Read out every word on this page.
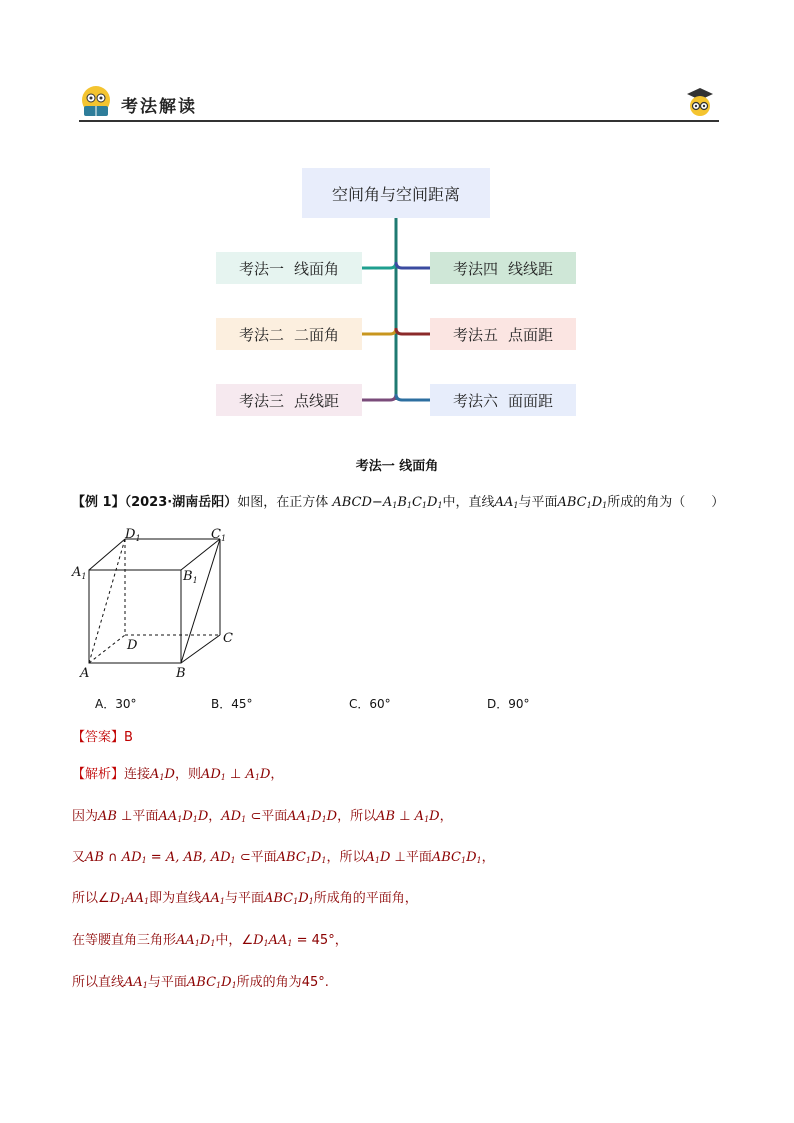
考法解读
空间角与空间距离
考法一 线面角
考法二 二面角
考法三 点线距
考法四 线线距
考法五 点面距
考法六 面面距
考法一 线面角
【例 1】（2023·湖南岳阳）如图，在正方体 $ABCD-A_1B_1C_1D_1$中，直线$AA_1$与平面$ABC_1D_1$所成的角为（　　）
$A_1$	$B_1$
$D_1$	$C_1$
D	C
A	B
A．30°	B．45°	C．60°	D．90°
【答案】B
【解析】连接$A_1D$，则$AD_1$ ⊥ $A_1D$，
因为AB ⊥平面$AA_1D_1D$，$AD_1$ ⊂平面$AA_1D_1D$，所以AB ⊥ $A_1D$，
又AB ∩ $AD_1 = A$, AB, $AD_1$ ⊂平面$ABC_1D_1$，所以$A_1D$ ⊥平面$ABC_1D_1$，
所以$\angle D_1AA_1$即为直线$AA_1$与平面$ABC_1D_1$所成角的平面角，
在等腰直角三角形$AA_1D_1$中，$\angle D_1AA_1 = 45^\circ$，
所以直线$AA_1$与平面$ABC_1D_1$所成的角为45°.
